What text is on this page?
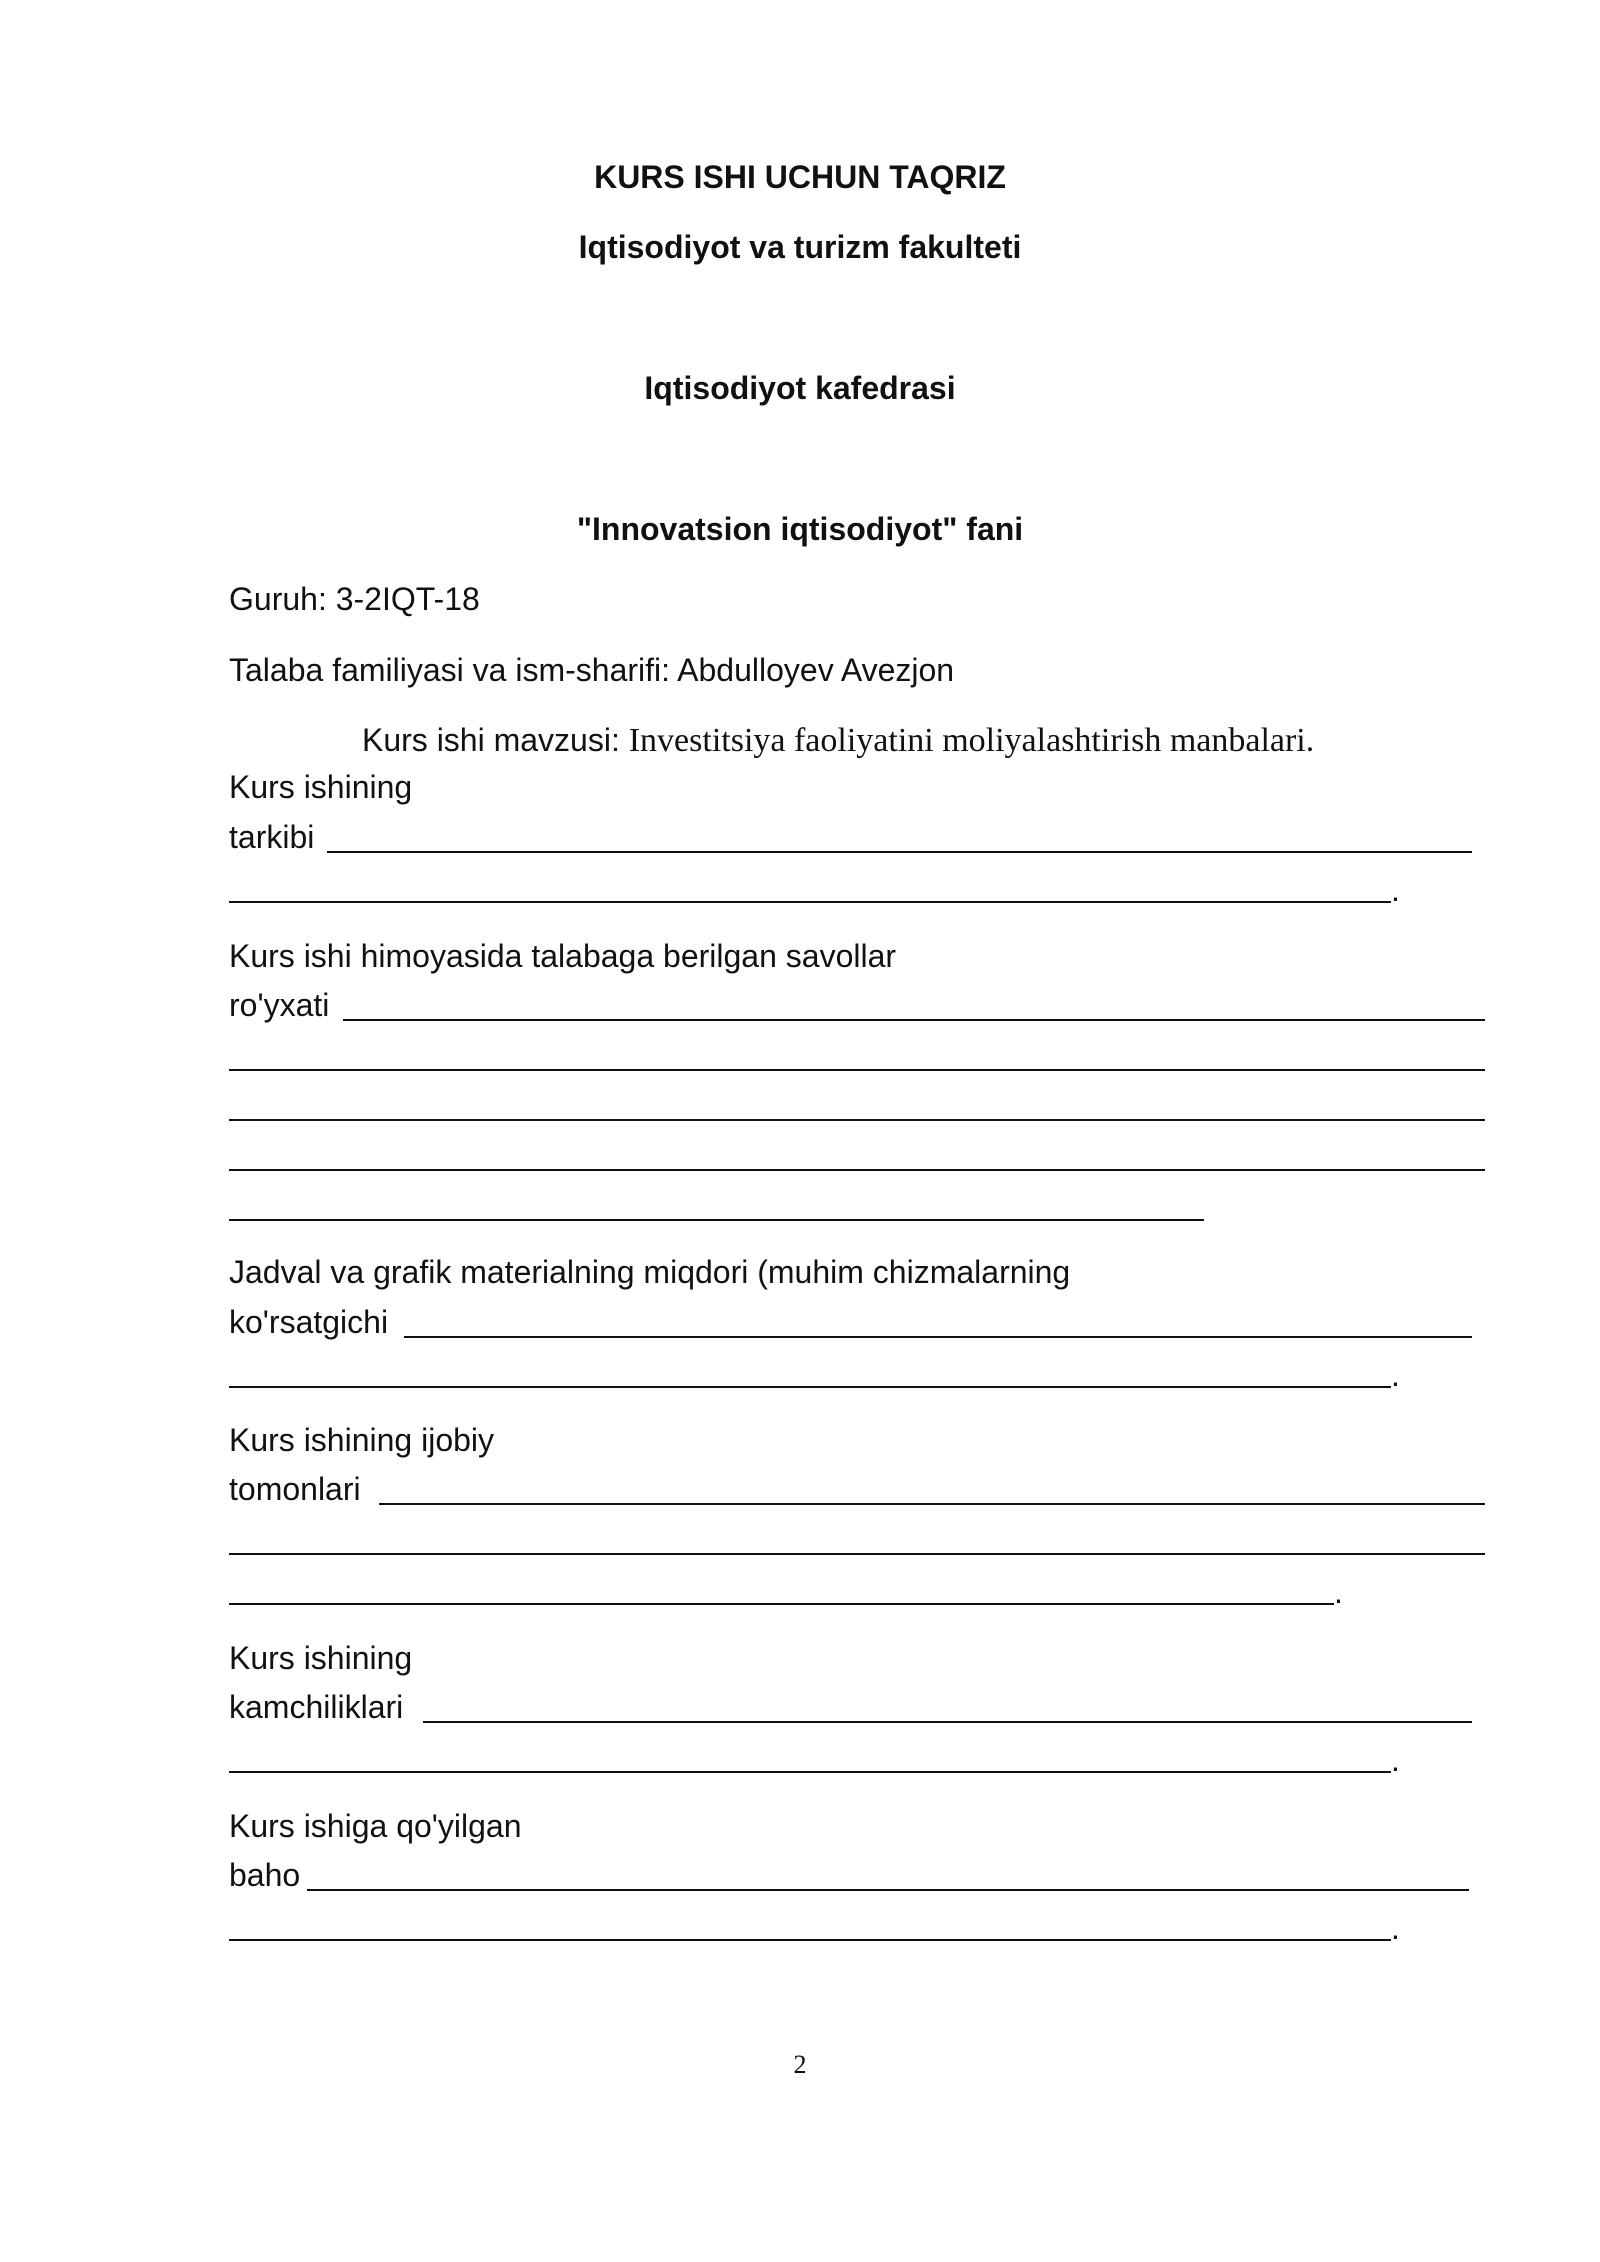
KURS ISHI UCHUN TAQRIZ
Iqtisodiyot va turizm fakulteti
Iqtisodiyot kafedrasi
"Innovatsion iqtisodiyot" fani
Guruh: 3-2IQT-18
Talaba familiyasi va ism-sharifi: Abdulloyev Avezjon
Kurs ishi mavzusi: Investitsiya faoliyatini moliyalashtirish manbalari.
Kurs ishining
tarkibi
.
Kurs ishi himoyasida talabaga berilgan savollar
ro'yxati
Jadval va grafik materialning miqdori (muhim chizmalarning
ko'rsatgichi
.
Kurs ishining ijobiy
tomonlari
.
Kurs ishining
kamchiliklari
.
Kurs ishiga qo'yilgan
baho
.
2
